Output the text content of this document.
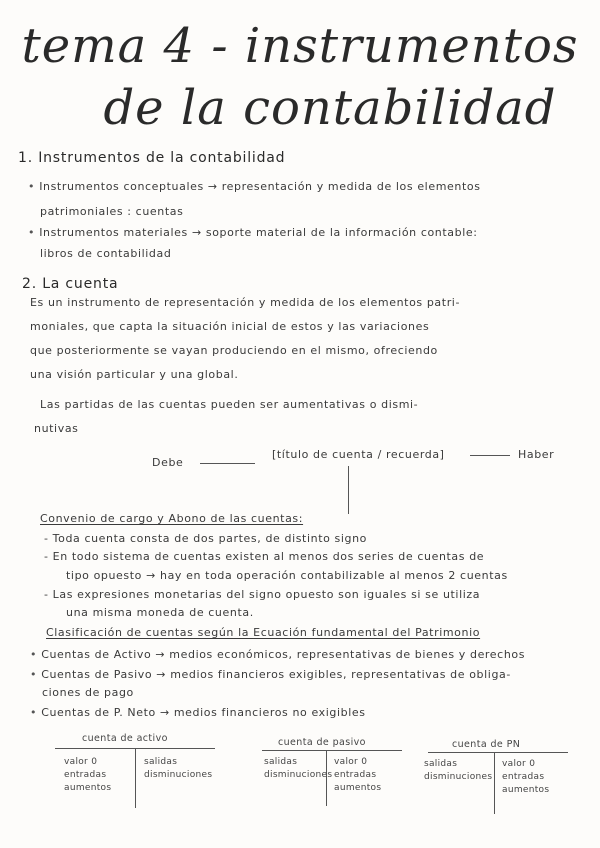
tema 4 - instrumentos
de la contabilidad
1. Instrumentos de la contabilidad
• Instrumentos conceptuales → representación y medida de los elementos
patrimoniales : cuentas
• Instrumentos materiales → soporte material de la información contable:
libros de contabilidad
2. La cuenta
Es un instrumento de representación y medida de los elementos patri-
moniales, que capta la situación inicial de estos y las variaciones
que posteriormente se vayan produciendo en el mismo, ofreciendo
una visión particular y una global.
Las partidas de las cuentas pueden ser aumentativas o dismi-
nutivas
Debe
[título de cuenta / recuerda]	Haber
Convenio de cargo y Abono de las cuentas:
- Toda cuenta consta de dos partes, de distinto signo
- En todo sistema de cuentas existen al menos dos series de cuentas de
tipo opuesto → hay en toda operación contabilizable al menos 2 cuentas
- Las expresiones monetarias del signo opuesto son iguales si se utiliza
una misma moneda de cuenta.
Clasificación de cuentas según la Ecuación fundamental del Patrimonio
• Cuentas de Activo → medios económicos, representativas de bienes y derechos
• Cuentas de Pasivo → medios financieros exigibles, representativas de obliga-
ciones de pago
• Cuentas de P. Neto → medios financieros no exigibles
cuenta de activo
valor 0
entradas
aumentos
salidas
disminuciones
cuenta de pasivo
salidas
disminuciones
valor 0
entradas
aumentos
cuenta de PN
salidas
disminuciones
valor 0
entradas
aumentos
